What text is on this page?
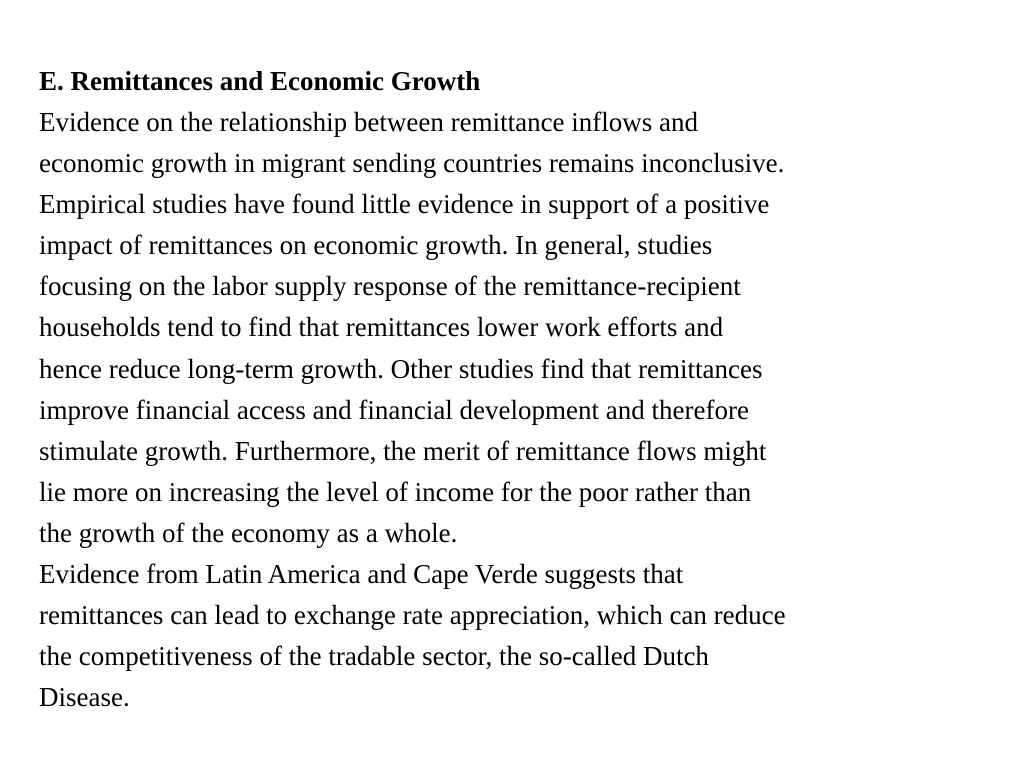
E. Remittances and Economic Growth

Evidence on the relationship between remittance inflows and
economic growth in migrant sending countries remains inconclusive.
Empirical studies have found little evidence in support of a positive
impact of remittances on economic growth. In general, studies
focusing on the labor supply response of the remittance-recipient
households tend to find that remittances lower work efforts and
hence reduce long-term growth. Other studies find that remittances
improve financial access and financial development and therefore
stimulate growth. Furthermore, the merit of remittance flows might
lie more on increasing the level of income for the poor rather than
the growth of the economy as a whole.

Evidence from Latin America and Cape Verde suggests that
remittances can lead to exchange rate appreciation, which can reduce
the competitiveness of the tradable sector, the so-called Dutch
Disease.
